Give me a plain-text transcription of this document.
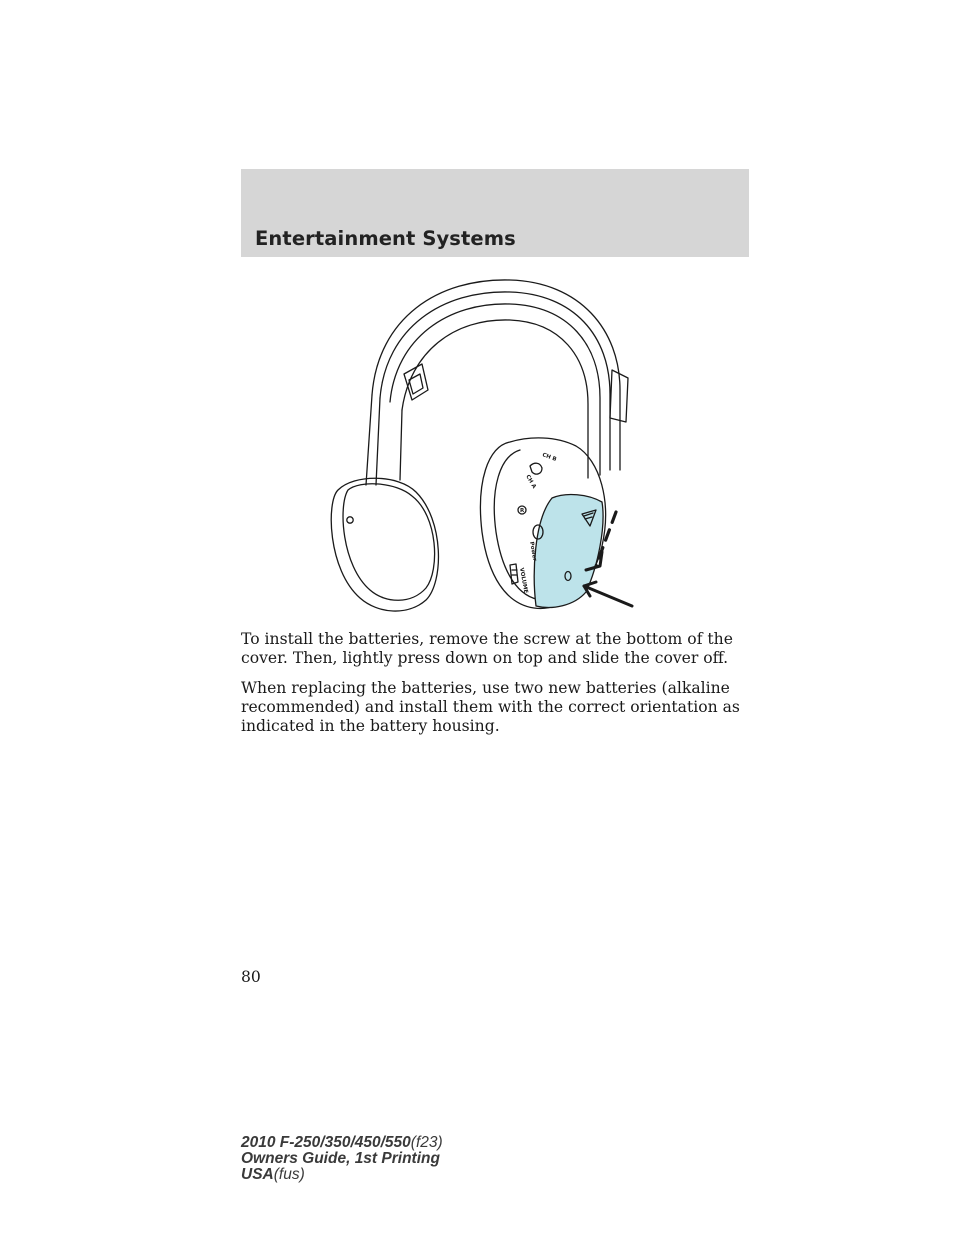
Entertainment Systems
CH B
CH A
R
Power
VOLUME

To install the batteries, remove the screw at the bottom of the cover. Then, lightly press down on top and slide the cover off.

When replacing the batteries, use two new batteries (alkaline recommended) and install them with the correct orientation as indicated in the battery housing.

80
2010 F-250/350/450/550(f23)
Owners Guide, 1st Printing
USA(fus)
